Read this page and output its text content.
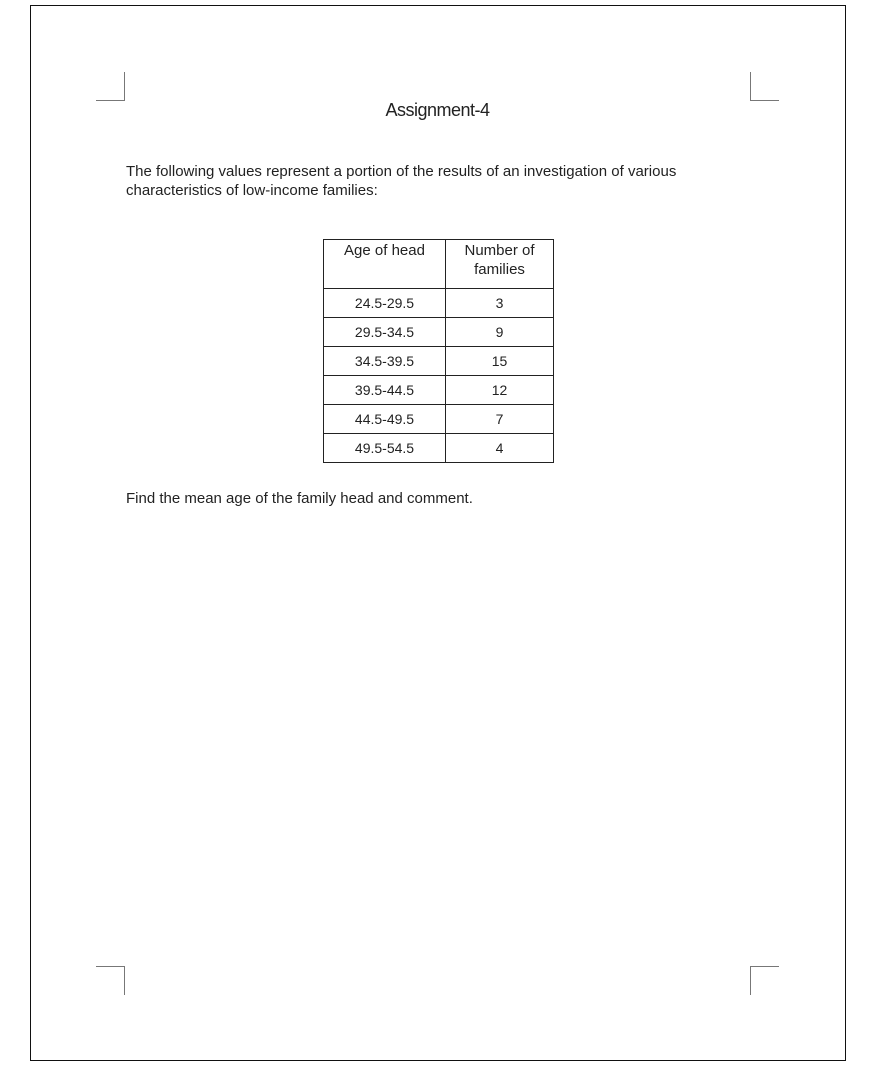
Assignment-4
The following values represent a portion of the results of an investigation of various characteristics of low-income families:
Age of head	Number of families

24.5-29.5	3
29.5-34.5	9
34.5-39.5	15
39.5-44.5	12
44.5-49.5	7
49.5-54.5	4
Find the mean age of the family head and comment.
